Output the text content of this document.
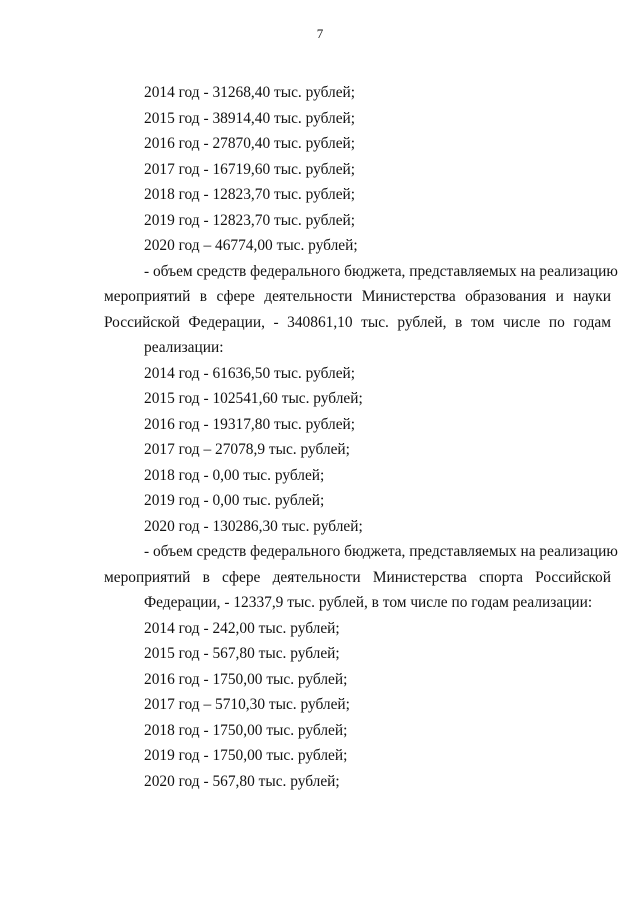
7
2014 год - 31268,40 тыс. рублей;
2015 год - 38914,40 тыс. рублей;
2016 год - 27870,40 тыс. рублей;
2017 год - 16719,60 тыс. рублей;
2018 год - 12823,70 тыс. рублей;
2019 год - 12823,70 тыс. рублей;
2020 год – 46774,00 тыс. рублей;
- объем средств федерального бюджета, представляемых на реализацию
мероприятий в сфере деятельности Министерства образования и науки
Российской Федерации, - 340861,10 тыс. рублей, в том числе по годам
реализации:
2014 год - 61636,50 тыс. рублей;
2015 год - 102541,60 тыс. рублей;
2016 год - 19317,80 тыс. рублей;
2017 год – 27078,9 тыс. рублей;
2018 год - 0,00 тыс. рублей;
2019 год - 0,00 тыс. рублей;
2020 год - 130286,30 тыс. рублей;
- объем средств федерального бюджета, представляемых на реализацию
мероприятий в сфере деятельности Министерства спорта Российской
Федерации, - 12337,9 тыс. рублей, в том числе по годам реализации:
2014 год - 242,00 тыс. рублей;
2015 год - 567,80 тыс. рублей;
2016 год - 1750,00 тыс. рублей;
2017 год – 5710,30 тыс. рублей;
2018 год - 1750,00 тыс. рублей;
2019 год - 1750,00 тыс. рублей;
2020 год - 567,80 тыс. рублей;
